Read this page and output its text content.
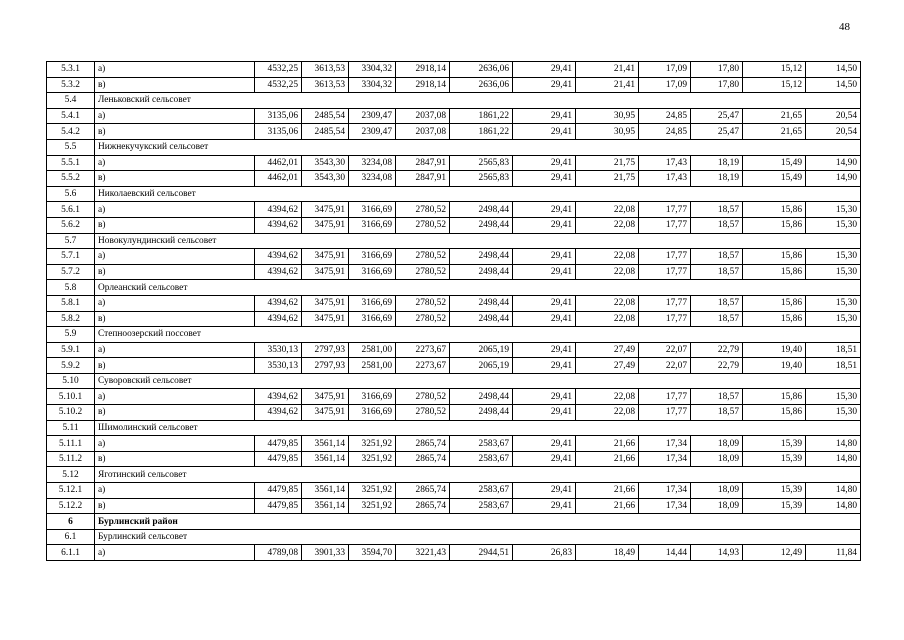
48
5.3.1	а)	4532,25	3613,53	3304,32	2918,14	2636,06	29,41	21,41	17,09	17,80	15,12	14,50
5.3.2	в)	4532,25	3613,53	3304,32	2918,14	2636,06	29,41	21,41	17,09	17,80	15,12	14,50
5.4	Леньковский сельсовет											
5.4.1	а)	3135,06	2485,54	2309,47	2037,08	1861,22	29,41	30,95	24,85	25,47	21,65	20,54
5.4.2	в)	3135,06	2485,54	2309,47	2037,08	1861,22	29,41	30,95	24,85	25,47	21,65	20,54
5.5	Нижнекучукский сельсовет											
5.5.1	а)	4462,01	3543,30	3234,08	2847,91	2565,83	29,41	21,75	17,43	18,19	15,49	14,90
5.5.2	в)	4462,01	3543,30	3234,08	2847,91	2565,83	29,41	21,75	17,43	18,19	15,49	14,90
5.6	Николаевский сельсовет											
5.6.1	а)	4394,62	3475,91	3166,69	2780,52	2498,44	29,41	22,08	17,77	18,57	15,86	15,30
5.6.2	в)	4394,62	3475,91	3166,69	2780,52	2498,44	29,41	22,08	17,77	18,57	15,86	15,30
5.7	Новокулундинский сельсовет											
5.7.1	а)	4394,62	3475,91	3166,69	2780,52	2498,44	29,41	22,08	17,77	18,57	15,86	15,30
5.7.2	в)	4394,62	3475,91	3166,69	2780,52	2498,44	29,41	22,08	17,77	18,57	15,86	15,30
5.8	Орлеанский сельсовет											
5.8.1	а)	4394,62	3475,91	3166,69	2780,52	2498,44	29,41	22,08	17,77	18,57	15,86	15,30
5.8.2	в)	4394,62	3475,91	3166,69	2780,52	2498,44	29,41	22,08	17,77	18,57	15,86	15,30
5.9	Степноозерский поссовет											
5.9.1	а)	3530,13	2797,93	2581,00	2273,67	2065,19	29,41	27,49	22,07	22,79	19,40	18,51
5.9.2	в)	3530,13	2797,93	2581,00	2273,67	2065,19	29,41	27,49	22,07	22,79	19,40	18,51
5.10	Суворовский сельсовет											
5.10.1	а)	4394,62	3475,91	3166,69	2780,52	2498,44	29,41	22,08	17,77	18,57	15,86	15,30
5.10.2	в)	4394,62	3475,91	3166,69	2780,52	2498,44	29,41	22,08	17,77	18,57	15,86	15,30
5.11	Шимолинский сельсовет											
5.11.1	а)	4479,85	3561,14	3251,92	2865,74	2583,67	29,41	21,66	17,34	18,09	15,39	14,80
5.11.2	в)	4479,85	3561,14	3251,92	2865,74	2583,67	29,41	21,66	17,34	18,09	15,39	14,80
5.12	Яготинский сельсовет											
5.12.1	а)	4479,85	3561,14	3251,92	2865,74	2583,67	29,41	21,66	17,34	18,09	15,39	14,80
5.12.2	в)	4479,85	3561,14	3251,92	2865,74	2583,67	29,41	21,66	17,34	18,09	15,39	14,80
6	Бурлинский район											
6.1	Бурлинский сельсовет											
6.1.1	а)	4789,08	3901,33	3594,70	3221,43	2944,51	26,83	18,49	14,44	14,93	12,49	11,84
